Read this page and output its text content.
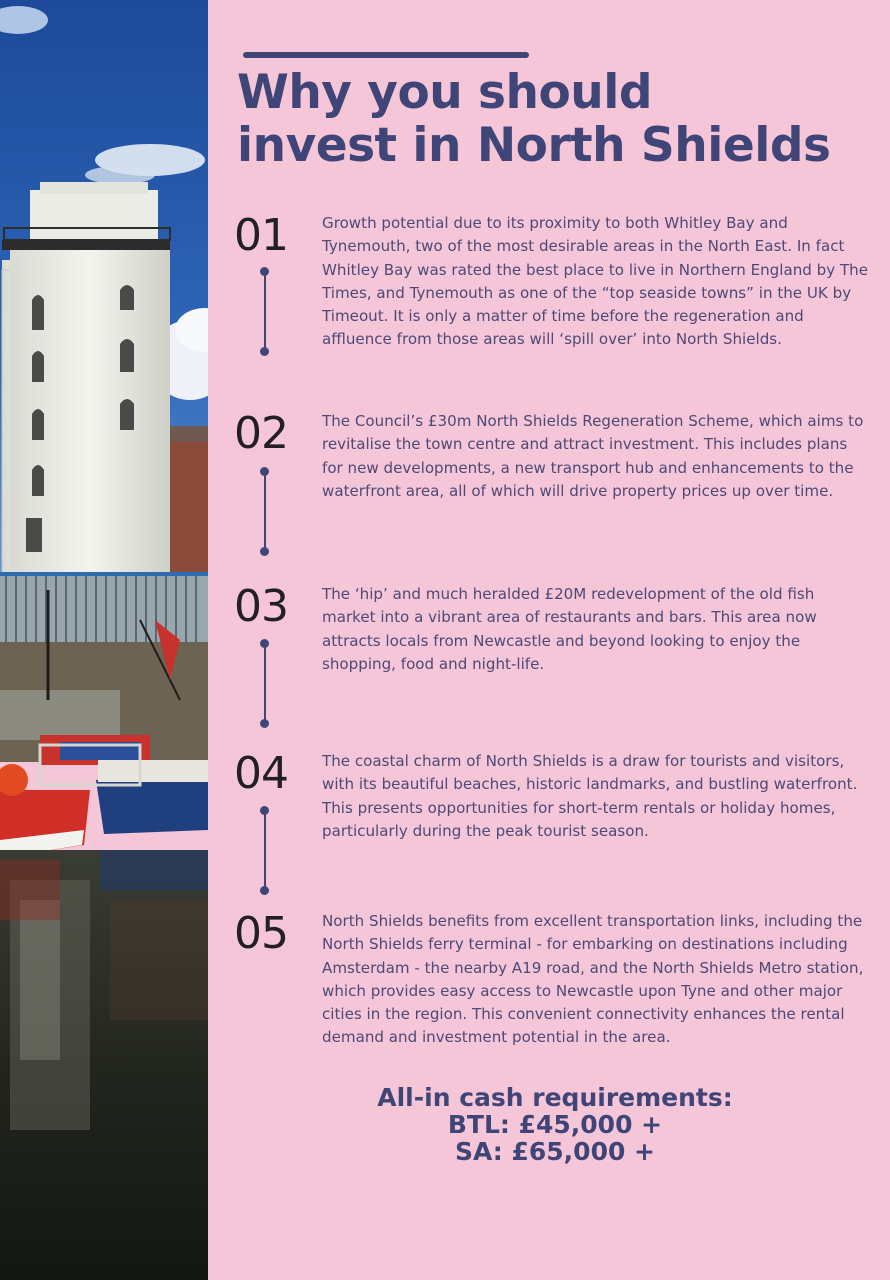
Why you should
invest in North Shields
01 Growth potential due to its proximity to both Whitley Bay and Tynemouth, two of the most desirable areas in the North East. In fact Whitley Bay was rated the best place to live in Northern England by The Times, and Tynemouth as one of the “top seaside towns” in the UK by Timeout. It is only a matter of time before the regeneration and affluence from those areas will ‘spill over’ into North Shields.

02 The Council’s £30m North Shields Regeneration Scheme, which aims to revitalise the town centre and attract investment. This includes plans for new developments, a new transport hub and enhancements to the waterfront area, all of which will drive property prices up over time.

03 The ‘hip’ and much heralded £20M redevelopment of the old fish market into a vibrant area of restaurants and bars. This area now attracts locals from Newcastle and beyond looking to enjoy the shopping, food and night-life.

04 The coastal charm of North Shields is a draw for tourists and visitors, with its beautiful beaches, historic landmarks, and bustling waterfront. This presents opportunities for short-term rentals or holiday homes, particularly during the peak tourist season.

05 North Shields benefits from excellent transportation links, including the North Shields ferry terminal - for embarking on destinations including Amsterdam - the nearby A19 road, and the North Shields Metro station, which provides easy access to Newcastle upon Tyne and other major cities in the region. This convenient connectivity enhances the rental demand and investment potential in the area.

All-in cash requirements:
BTL: £45,000 +
SA: £65,000 +
